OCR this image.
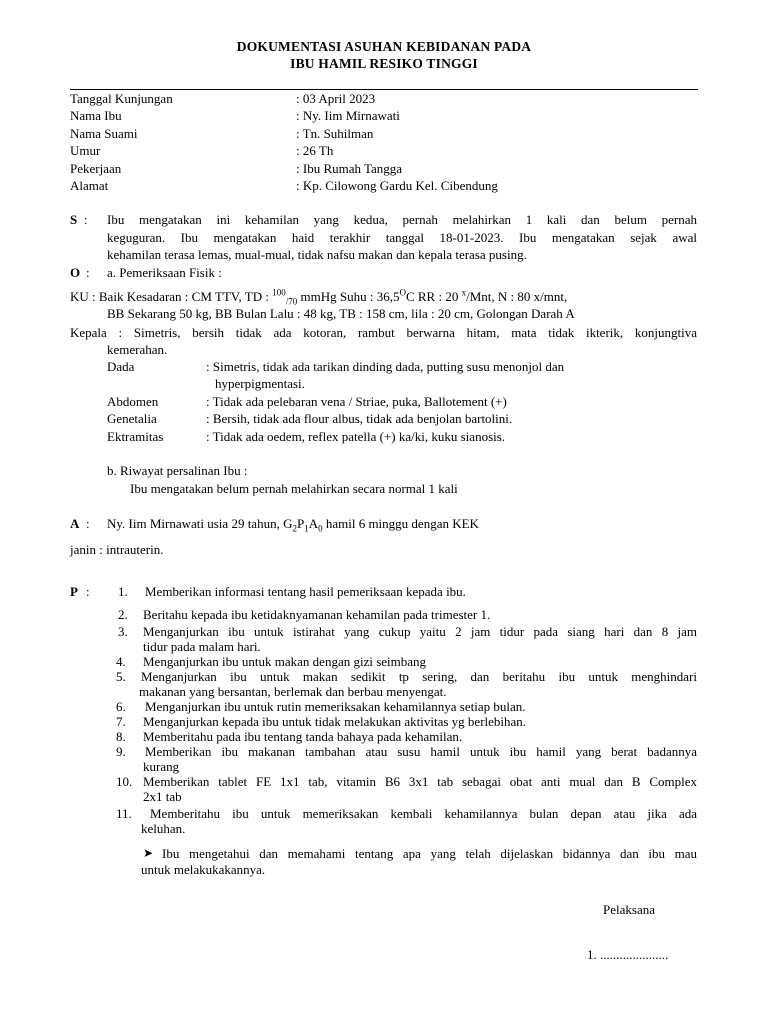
DOKUMENTASI ASUHAN KEBIDANAN PADA
IBU HAMIL RESIKO TINGGI
Tanggal Kunjungan	: 03 April 2023
Nama Ibu	: Ny. Iim Mirnawati
Nama Suami	: Tn. Suhilman
Umur	: 26 Th
Pekerjaan	: Ibu Rumah Tangga
Alamat	: Kp. Cilowong Gardu Kel. Cibendung
S : Ibu mengatakan ini kehamilan yang kedua, pernah melahirkan 1 kali dan belum pernah
keguguran. Ibu mengatakan haid terakhir tanggal 18-01-2023. Ibu mengatakan sejak awal
kehamilan terasa lemas, mual-mual, tidak nafsu makan dan kepala terasa pusing.
O : a. Pemeriksaan Fisik :
KU : Baik Kesadaran : CM TTV, TD : $^{100}_{/70}$ mmHg Suhu : $36,5^OC$ RR : 20 $^x$/Mnt, N : 80 x/mnt,
BB Sekarang 50 kg, BB Bulan Lalu : 48 kg, TB : 158 cm, lila : 20 cm, Golongan Darah A
Kepala : Simetris, bersih tidak ada kotoran, rambut berwarna hitam, mata tidak ikterik, konjungtiva
kemerahan.
Dada	: Simetris, tidak ada tarikan dinding dada, putting susu menonjol dan
hyperpigmentasi.
Abdomen	: Tidak ada pelebaran vena / Striae, puka, Ballotement (+)
Genetalia	: Bersih, tidak ada flour albus, tidak ada benjolan bartolini.
Ektramitas	: Tidak ada oedem, reflex patella (+) ka/ki, kuku sianosis.
b. Riwayat persalinan Ibu :
Ibu mengatakan belum pernah melahirkan secara normal 1 kali
A : Ny. Iim Mirnawati usia 29 tahun, $G_2P_1A_0$ hamil 6 minggu dengan KEK
janin : intrauterin.
P : 1. Memberikan informasi tentang hasil pemeriksaan kepada ibu.
2. Beritahu kepada ibu ketidaknyamanan kehamilan pada trimester 1.
3. Menganjurkan ibu untuk istirahat yang cukup yaitu 2 jam tidur pada siang hari dan 8 jam
tidur pada malam hari.
4. Menganjurkan ibu untuk makan dengan gizi seimbang
5. Menganjurkan ibu untuk makan sedikit tp sering, dan beritahu ibu untuk menghindari
makanan yang bersantan, berlemak dan berbau menyengat.
6. Menganjurkan ibu untuk rutin memeriksakan kehamilannya setiap bulan.
7. Menganjurkan kepada ibu untuk tidak melakukan aktivitas yg berlebihan.
8. Memberitahu pada ibu tentang tanda bahaya pada kehamilan.
9. Memberikan ibu makanan tambahan atau susu hamil untuk ibu hamil yang berat badannya
kurang
10. Memberikan tablet FE 1x1 tab, vitamin B6 3x1 tab sebagai obat anti mual dan B Complex
2x1 tab
11. Memberitahu ibu untuk memeriksakan kembali kehamilannya bulan depan atau jika ada
keluhan.
➤ Ibu mengetahui dan memahami tentang apa yang telah dijelaskan bidannya dan ibu mau
untuk melakukakannya.
Pelaksana
1. .....................
